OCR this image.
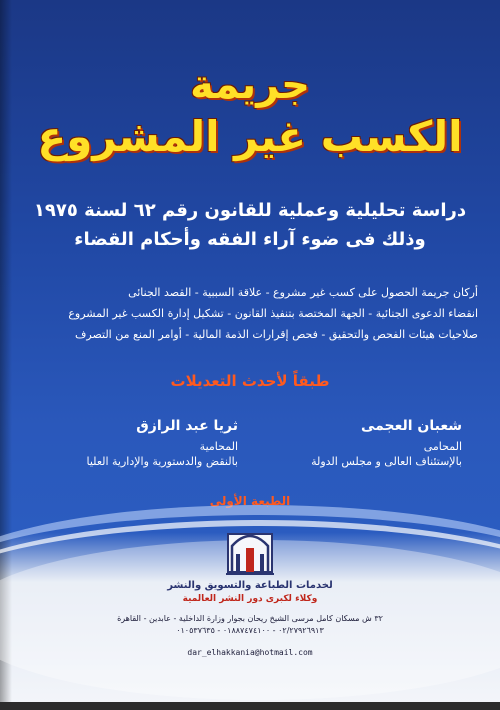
جريمة
الكسب غير المشروع
دراسة تحليلية وعملية للقانون رقم ٦٢ لسنة ١٩٧٥
وذلك فى ضوء آراء الفقه وأحكام القضاء
أركان جريمة الحصول على كسب غير مشروع - علاقة السببية - القصد الجنائى
انقضاء الدعوى الجنائية - الجهة المختصة بتنفيذ القانون - تشكيل إدارة الكسب غير المشروع
صلاحيات هيئات الفحص والتحقيق - فحص إقرارات الذمة المالية - أوامر المنع من التصرف
طبقاً لأحدث التعديلات
شعبان العجمى
المحامى
بالإستئناف العالى و مجلس الدولة
ثريا عبد الرازق
المحامية
بالنقض والدستورية والإدارية العليا
الطبعة الأولى
لخدمات الطباعة والتسويق والنشر
وكلاء لكبرى دور النشر العالمية
٣٢ ش مسكان كامل مرسى الشيخ ريحان بجوار وزارة الداخلية - عابدين - القاهرة
٠٢/٢٧٩٢٦٩١٣ - ٠١٨٨٧٤٧٤١٠٠ - ٠١٠٥٣٧٦٣٥
dar_elhakkania@hotmail.com
